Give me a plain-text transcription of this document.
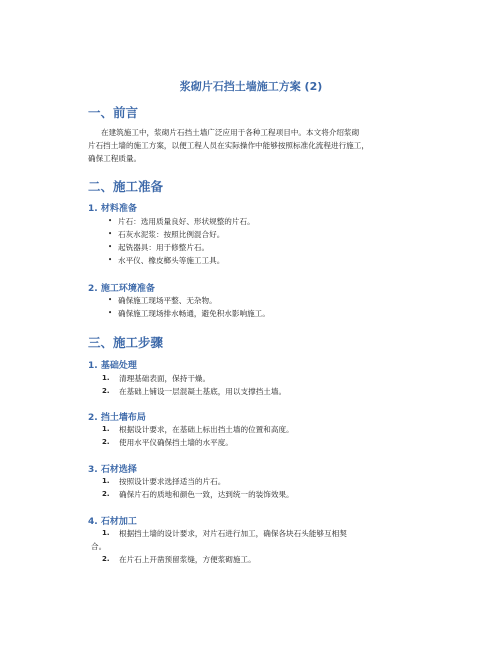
浆砌片石挡土墙施工方案 (2)
一、前言
在建筑施工中，浆砌片石挡土墙广泛应用于各种工程项目中。本文将介绍浆砌
片石挡土墙的施工方案，以便工程人员在实际操作中能够按照标准化流程进行施工，
确保工程质量。
二、施工准备
1. 材料准备
• 片石：选用质量良好、形状规整的片石。
• 石灰水泥浆：按照比例混合好。
• 起铣器具：用于修整片石。
• 水平仪、橡皮榔头等施工工具。
2. 施工环境准备
• 确保施工现场平整、无杂物。
• 确保施工现场排水畅通，避免积水影响施工。
三、施工步骤
1. 基础处理
1. 清理基础表面，保持干燥。
2. 在基础上铺设一层混凝土基底，用以支撑挡土墙。
2. 挡土墙布局
1. 根据设计要求，在基础上标出挡土墙的位置和高度。
2. 使用水平仪确保挡土墙的水平度。
3. 石材选择
1. 按照设计要求选择适当的片石。
2. 确保片石的质地和颜色一致，达到统一的装饰效果。
4. 石材加工
1. 根据挡土墙的设计要求，对片石进行加工，确保各块石头能够互相契
合。
2. 在片石上开凿预留浆缝，方便浆砌施工。
